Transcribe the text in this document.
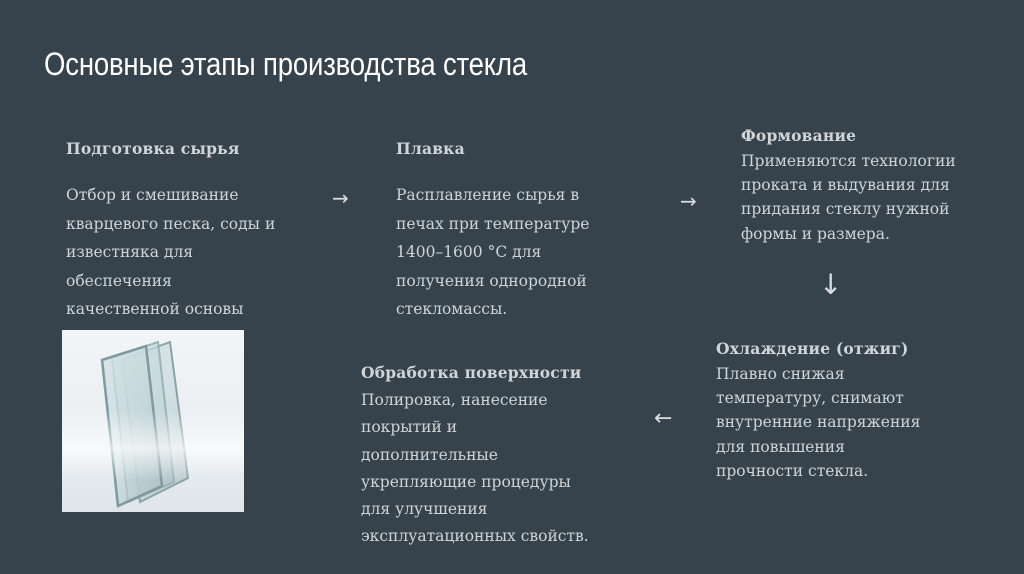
Основные этапы производства стекла
Подготовка сырья
Отбор и смешивание
кварцевого песка, соды и
известняка для
обеспечения
качественной основы

→
Плавка
Расплавление сырья в
печах при температуре
1400–1600 °C для
получения однородной
стекломассы.
→
Формование
Применяются технологии
проката и выдувания для
придания стеклу нужной
формы и размера.
↓
Охлаждение (отжиг)
Плавно снижая
температуру, снимают
внутренние напряжения
для повышения
прочности стекла.
←
Обработка поверхности
Полировка, нанесение
покрытий и
дополнительные
укрепляющие процедуры
для улучшения
эксплуатационных свойств.
